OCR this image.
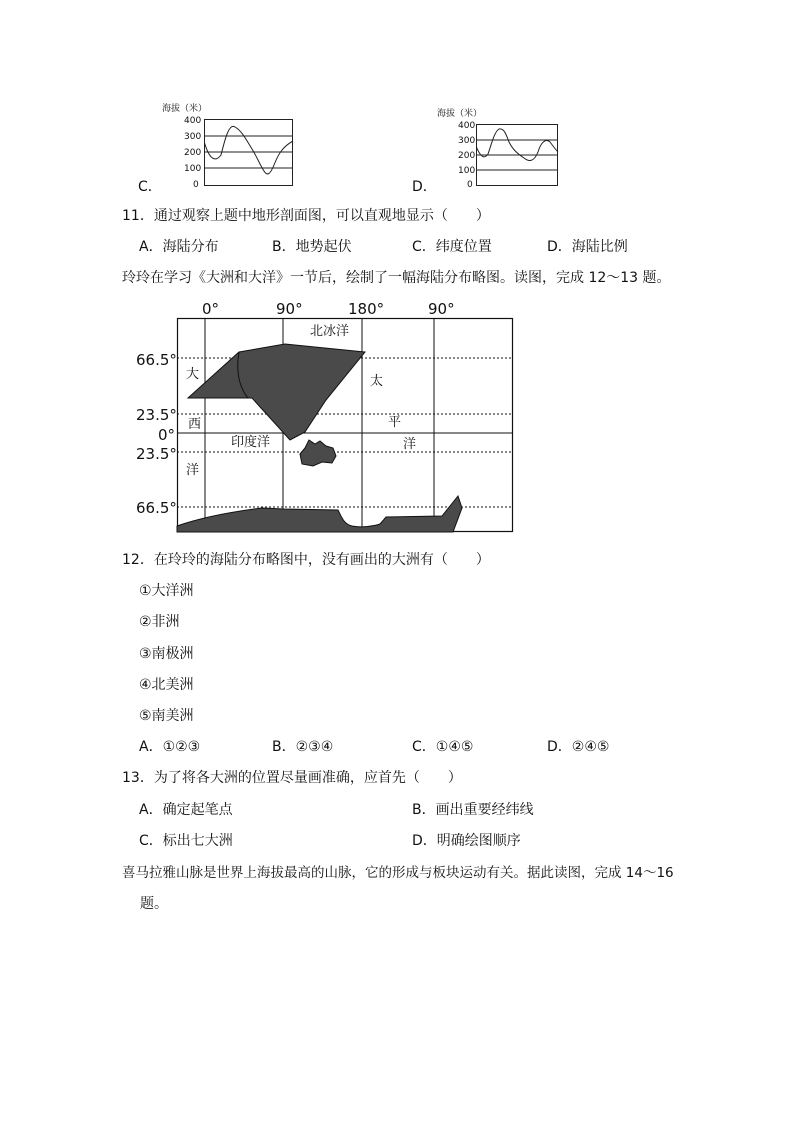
海拔（米）
400
300
200
100
0
C．
海拔（米）
400
300
200
100
0
D．
11．通过观察上题中地形剖面图，可以直观地显示（　　）
A．海陆分布	B．地势起伏	C．纬度位置	D．海陆比例
玲玲在学习《大洲和大洋》一节后，绘制了一幅海陆分布略图。读图，完成 12～13 题。
0°	90°	180°	90°
66.5°
23.5°
0°
23.5°
66.5°
北冰洋
大
西
洋
印度洋
太
平
洋
12．在玲玲的海陆分布略图中，没有画出的大洲有（　　）
①大洋洲
②非洲
③南极洲
④北美洲
⑤南美洲
A．①②③	B．②③④	C．①④⑤	D．②④⑤
13．为了将各大洲的位置尽量画准确，应首先（　　）
A．确定起笔点	B．画出重要经纬线
C．标出七大洲	D．明确绘图顺序
喜马拉雅山脉是世界上海拔最高的山脉，它的形成与板块运动有关。据此读图，完成 14～16
题。
